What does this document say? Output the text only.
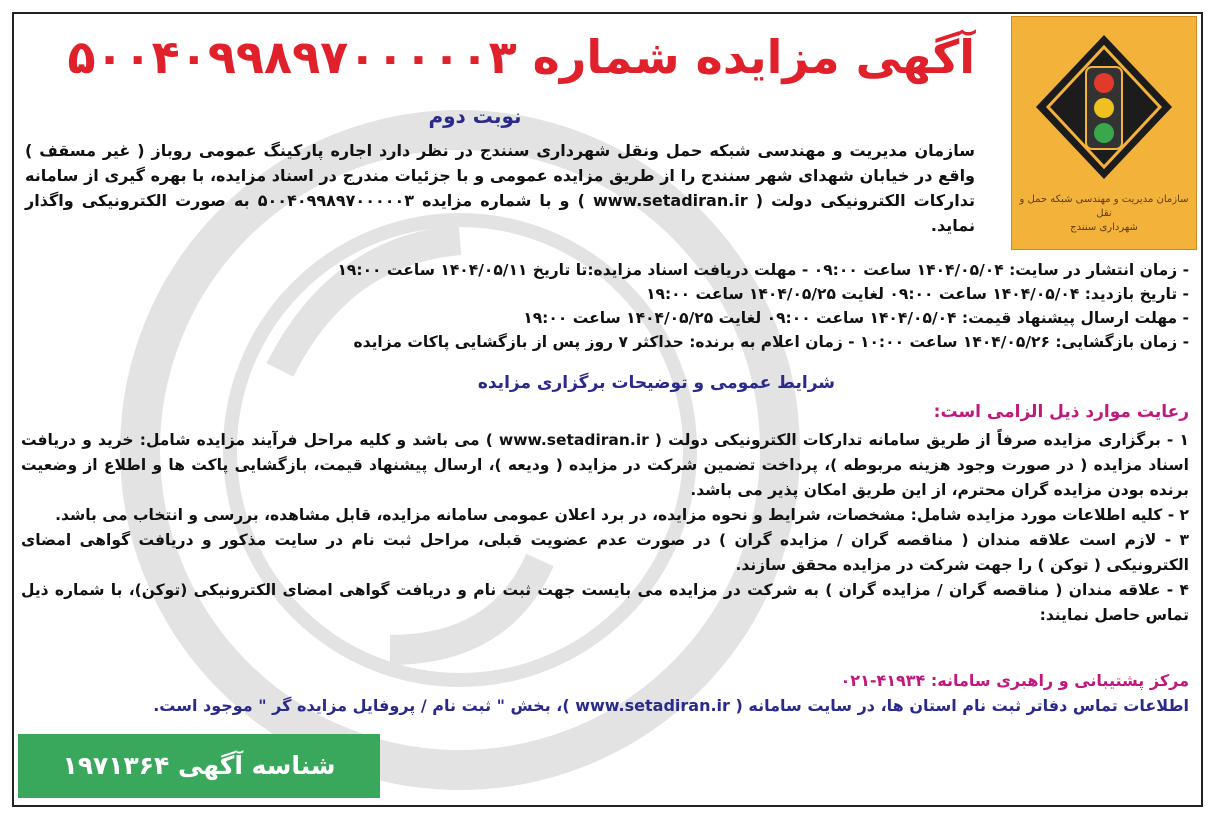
سازمان مدیریت و مهندسی شبکه حمل و نقل
شهرداری سنندج
آگهی مزایده شماره ۵۰۰۴۰۹۹۸۹۷۰۰۰۰۰۳
نوبت دوم
سازمان مدیریت و مهندسی شبکه حمل ونقل شهرداری سنندج در نظر دارد اجاره پارکینگ عمومی روباز ( غیر مسقف ) واقع در خیابان شهدای شهر سنندج را از طریق مزایده عمومی و با جزئیات مندرج در اسناد مزایده، با بهره گیری از سامانه تدارکات الکترونیکی دولت ( www.setadiran.ir ) و با شماره مزایده ۵۰۰۴۰۹۹۸۹۷۰۰۰۰۰۳ به صورت الکترونیکی واگذار نماید.
- زمان انتشار در سایت: ۱۴۰۴/۰۵/۰۴ ساعت ۰۹:۰۰ - مهلت دریافت اسناد مزایده:تا تاریخ ۱۴۰۴/۰۵/۱۱ ساعت ۱۹:۰۰
- تاریخ بازدید: ۱۴۰۴/۰۵/۰۴ ساعت ۰۹:۰۰ لغایت ۱۴۰۴/۰۵/۲۵ ساعت ۱۹:۰۰
- مهلت ارسال پیشنهاد قیمت: ۱۴۰۴/۰۵/۰۴ ساعت ۰۹:۰۰ لغایت ۱۴۰۴/۰۵/۲۵ ساعت ۱۹:۰۰
- زمان بازگشایی: ۱۴۰۴/۰۵/۲۶ ساعت ۱۰:۰۰ - زمان اعلام به برنده: حداکثر ۷ روز پس از بازگشایی پاکات مزایده
شرایط عمومی و توضیحات برگزاری مزایده
رعایت موارد ذیل الزامی است:

۱ - برگزاری مزایده صرفاً از طریق سامانه تدارکات الکترونیکی دولت ( www.setadiran.ir ) می باشد و کلیه مراحل فرآیند مزایده شامل: خرید و دریافت اسناد مزایده ( در صورت وجود هزینه مربوطه )، پرداخت تضمین شرکت در مزایده ( ودیعه )، ارسال پیشنهاد قیمت، بازگشایی پاکت ها و اطلاع از وضعیت برنده بودن مزایده گران محترم، از این طریق امکان پذیر می باشد.

۲ - کلیه اطلاعات مورد مزایده شامل: مشخصات، شرایط و نحوه مزایده، در برد اعلان عمومی سامانه مزایده، قابل مشاهده، بررسی و انتخاب می باشد.

۳ - لازم است علاقه مندان ( مناقصه گران / مزایده گران ) در صورت عدم عضویت قبلی، مراحل ثبت نام در سایت مذکور و دریافت گواهی امضای الکترونیکی ( توکن ) را جهت شرکت در مزایده محقق سازند.

۴ - علاقه مندان ( مناقصه گران / مزایده گران ) به شرکت در مزایده می بایست جهت ثبت نام و دریافت گواهی امضای الکترونیکی (توکن)، با شماره ذیل تماس حاصل نمایند:

مرکز پشتیبانی و راهبری سامانه: ۴۱۹۳۴-۰۲۱
اطلاعات تماس دفاتر ثبت نام استان ها، در سایت سامانه ( www.setadiran.ir )، بخش " ثبت نام / پروفایل مزایده گر " موجود است.
شناسه آگهی ۱۹۷۱۳۶۴
